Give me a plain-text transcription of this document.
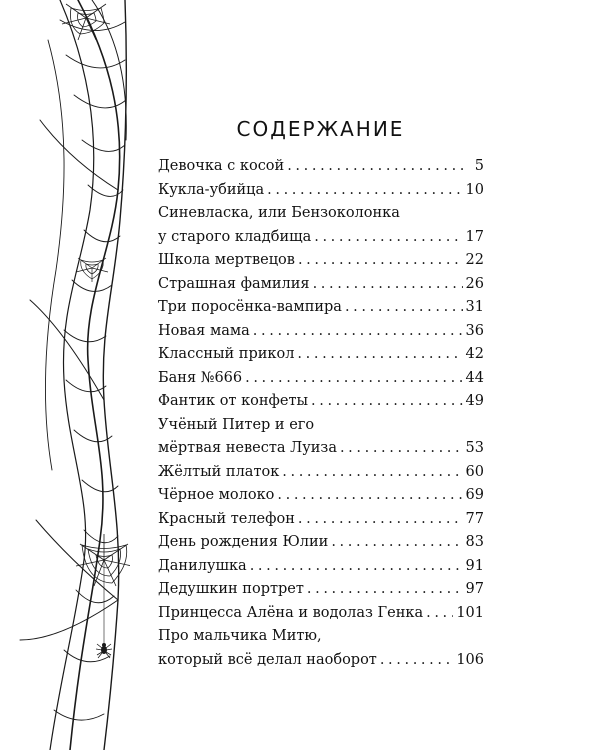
СОДЕРЖАНИЕ
Девочка с косой . . .	5
Кукла-убийца . . .	10
Синевласка, или Бензоколонка
у старого кладбища . . .	17
Школа мертвецов . . .	22
Страшная фамилия . . .	26
Три поросёнка-вампира . . .	31
Новая мама . . .	36
Классный прикол . . .	42
Баня №666 . . .	44
Фантик от конфеты . . .	49
Учёный Питер и его
мёртвая невеста Луиза . . .	53
Жёлтый платок . . .	60
Чёрное молоко . . .	69
Красный телефон . . .	77
День рождения Юлии . . .	83
Данилушка . . .	91
Дедушкин портрет . . .	97
Принцесса Алёна и водолаз Генка . . . 101
Про мальчика Митю,
который всё делал наоборот . . .	106
